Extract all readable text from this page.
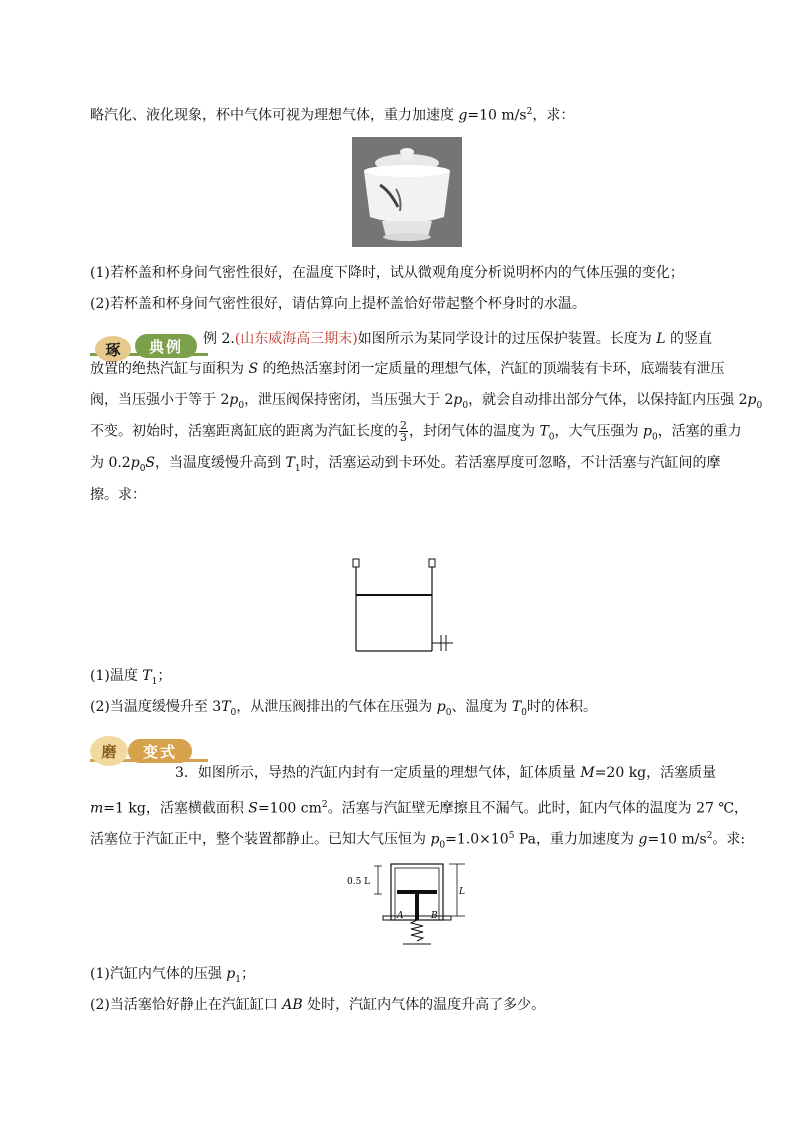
略汽化、液化现象，杯中气体可视为理想气体，重力加速度 g=10 $m/s^2$，求：
(1)若杯盖和杯身间气密性很好，在温度下降时，试从微观角度分析说明杯内的气体压强的变化；
(2)若杯盖和杯身间气密性很好，请估算向上提杯盖恰好带起整个杯身时的水温。
琢	典例	例 2.(山东威海高三期末)如图所示为某同学设计的过压保护装置。长度为 L 的竖直
放置的绝热汽缸与面积为 S 的绝热活塞封闭一定质量的理想气体，汽缸的顶端装有卡环，底端装有泄压
阀，当压强小于等于 $2p_0$，泄压阀保持密闭，当压强大于 $2p_0$，就会自动排出部分气体，以保持缸内压强 $2p_0$
不变。初始时，活塞距离缸底的距离为汽缸长度的 $\frac{2}{3}$ ，封闭气体的温度为 $T_0$，大气压强为 $p_0$，活塞的重力
为 $0.2p_0S$，当温度缓慢升高到 $T_1$时，活塞运动到卡环处。若活塞厚度可忽略，不计活塞与汽缸间的摩
擦。求：
(1)温度 $T_1$；
(2)当温度缓慢升至 $3T_0$，从泄压阀排出的气体在压强为 $p_0$、温度为 $T_0$时的体积。
磨	变式
3．如图所示，导热的汽缸内封有一定质量的理想气体，缸体质量 M=20 kg，活塞质量
m=1 kg，活塞横截面积 S=100 $cm^2$。活塞与汽缸壁无摩擦且不漏气。此时，缸内气体的温度为 27 ℃，
活塞位于汽缸正中，整个装置都静止。已知大气压恒为 $p_0=1.0\times 10^5$ Pa，重力加速度为 g=10 $m/s^2$。求:
0.5 L
A	B
L
(1)汽缸内气体的压强 $p_1$；
(2)当活塞恰好静止在汽缸缸口 AB 处时，汽缸内气体的温度升高了多少。
